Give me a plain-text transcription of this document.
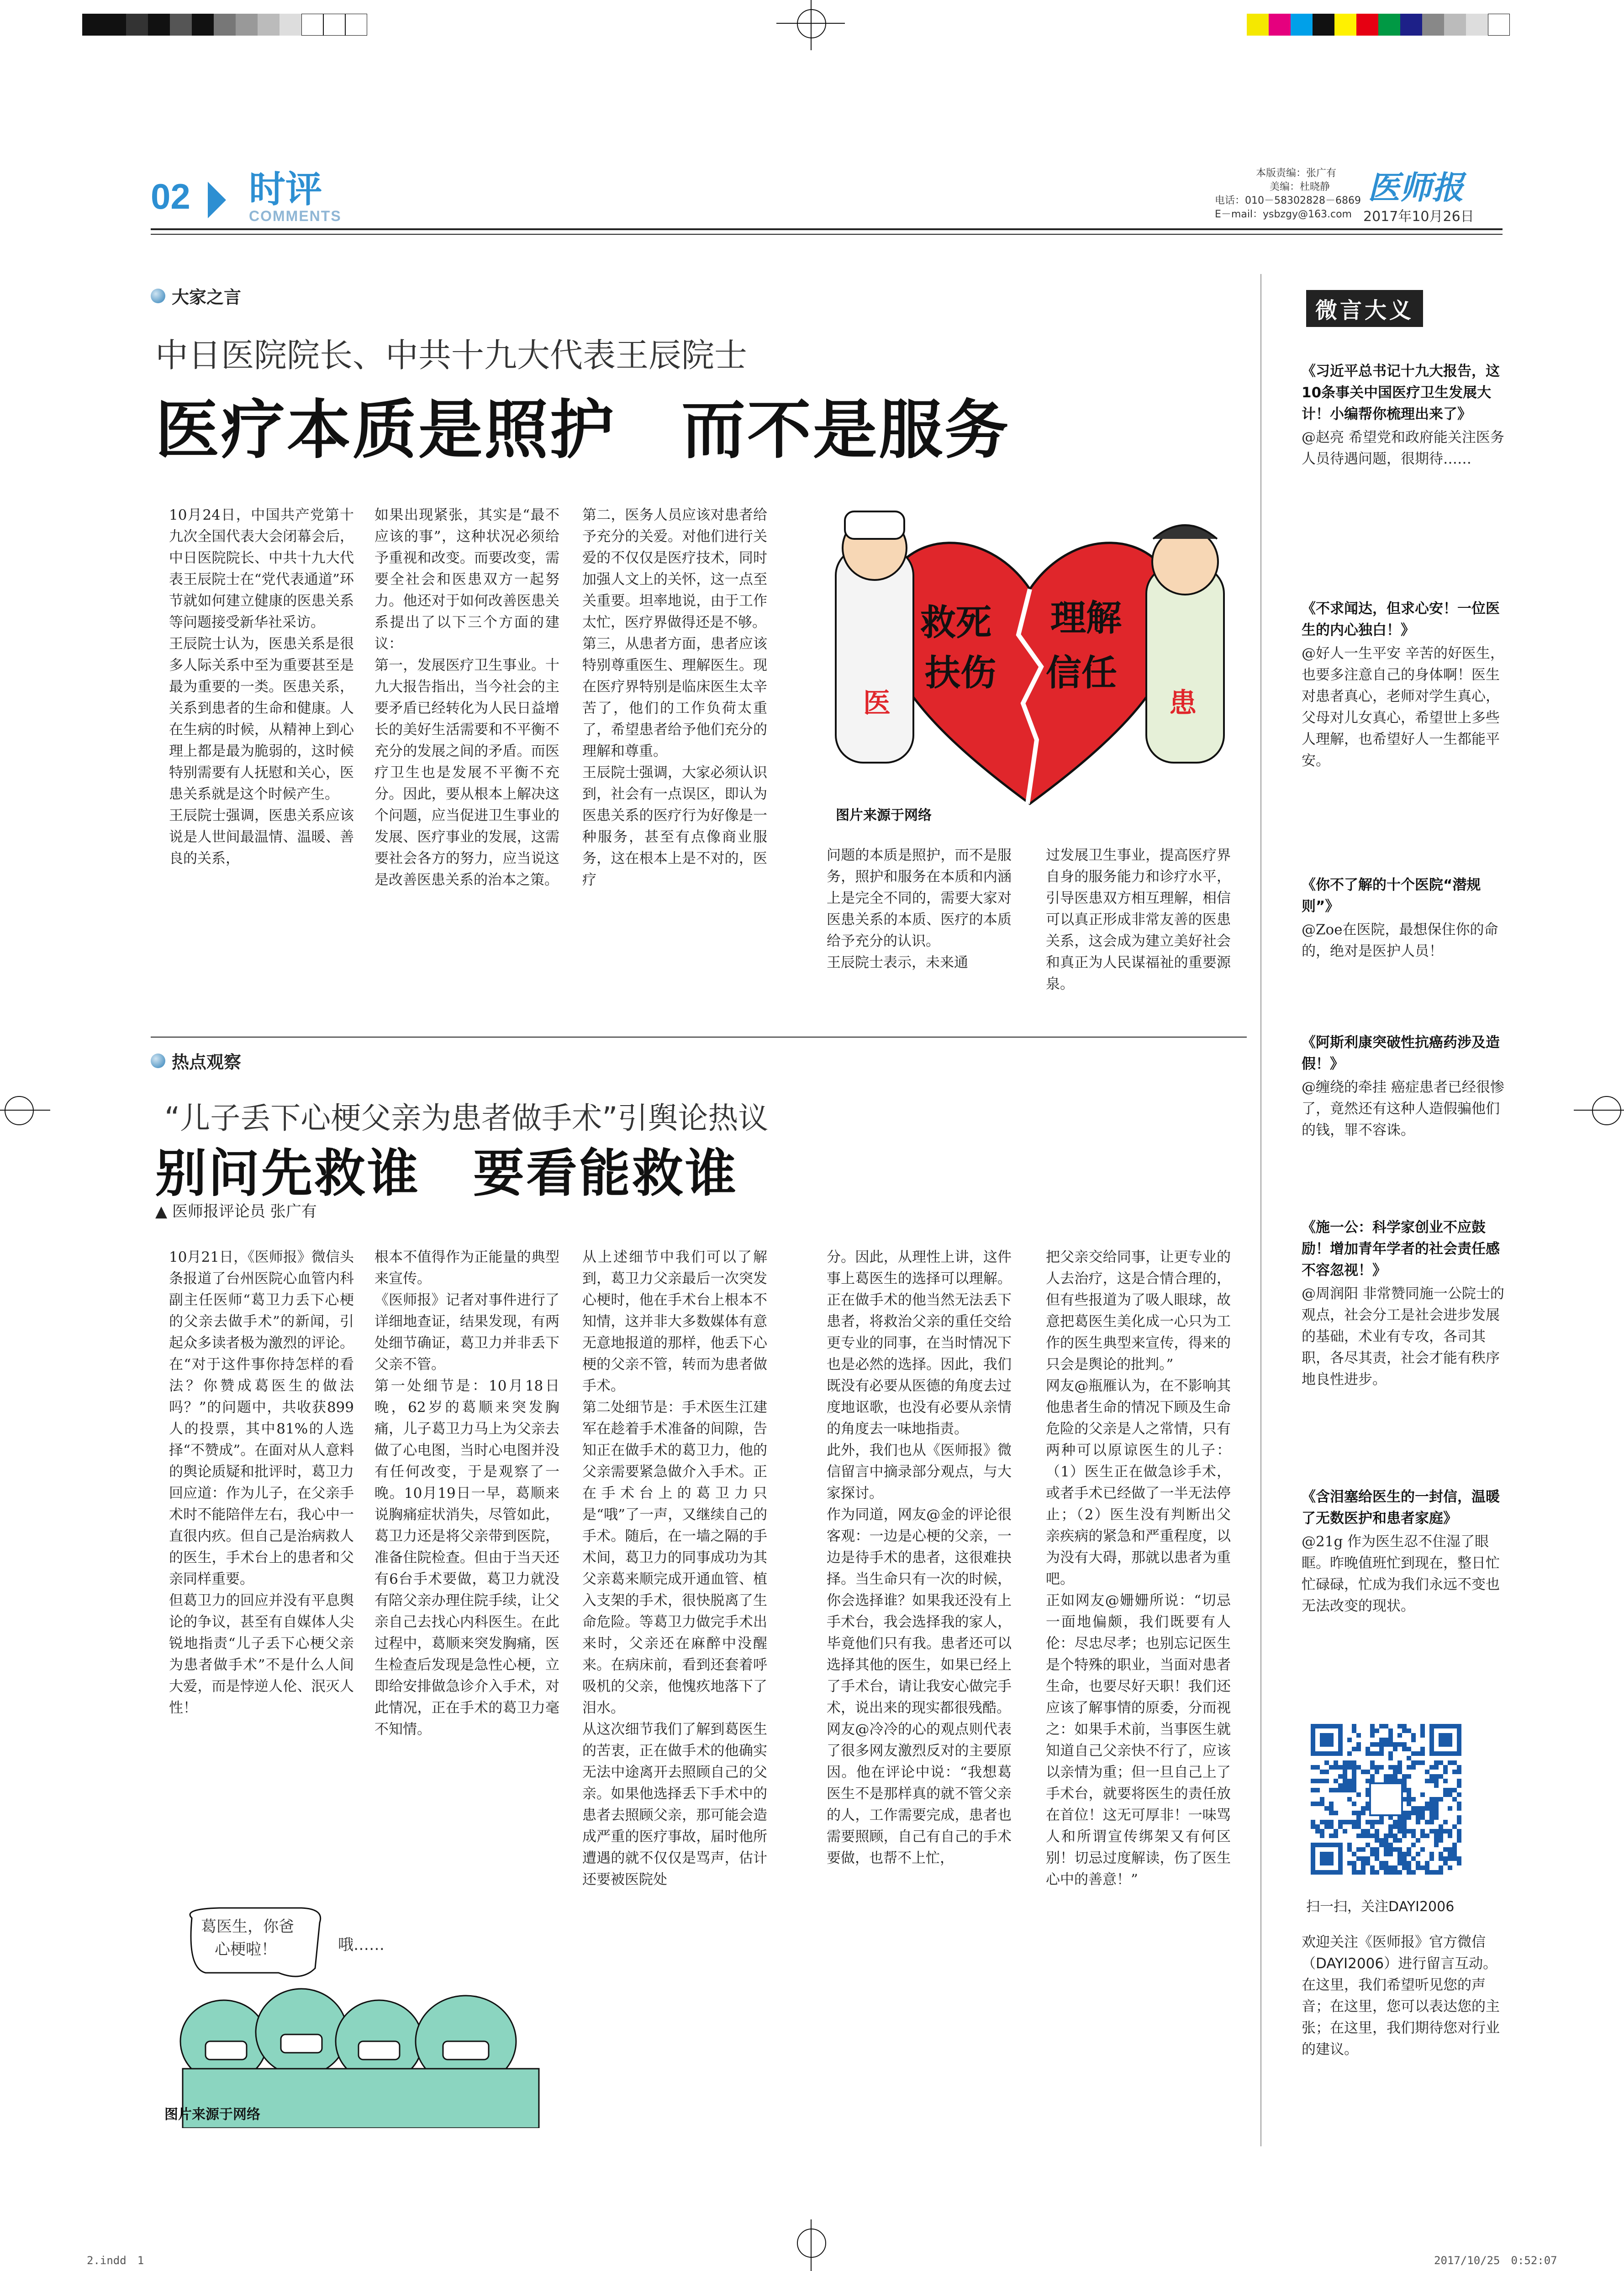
02 时评
COMMENTS
本版责编：张广有
美编：杜晓静
电话：010－58302828－6869
E－mail：ysbzgy@163.com
医师报
2017年10月26日
大家之言
中日医院院长、中共十九大代表王辰院士
医疗本质是照护　而不是服务
10月24日，中国共产党第十九次全国代表大会闭幕会后，中日医院院长、中共十九大代表王辰院士在“党代表通道”环节就如何建立健康的医患关系等问题接受新华社采访。
王辰院士认为，医患关系是很多人际关系中至为重要甚至是最为重要的一类。医患关系，关系到患者的生命和健康。人在生病的时候，从精神上到心理上都是最为脆弱的，这时候特别需要有人抚慰和关心，医患关系就是这个时候产生。
王辰院士强调，医患关系应该说是人世间最温情、温暖、善良的关系，
如果出现紧张，其实是“最不应该的事”，这种状况必须给予重视和改变。而要改变，需要全社会和医患双方一起努力。他还对于如何改善医患关系提出了以下三个方面的建议：
第一，发展医疗卫生事业。十九大报告指出，当今社会的主要矛盾已经转化为人民日益增长的美好生活需要和不平衡不充分的发展之间的矛盾。而医疗卫生也是发展不平衡不充分。因此，要从根本上解决这个问题，应当促进卫生事业的发展、医疗事业的发展，这需要社会各方的努力，应当说这是改善医患关系的治本之策。
第二，医务人员应该对患者给予充分的关爱。对他们进行关爱的不仅仅是医疗技术，同时加强人文上的关怀，这一点至关重要。坦率地说，由于工作太忙，医疗界做得还是不够。
第三，从患者方面，患者应该特别尊重医生、理解医生。现在医疗界特别是临床医生太辛苦了，他们的工作负荷太重了，希望患者给予他们充分的理解和尊重。
王辰院士强调，大家必须认识到，社会有一点误区，即认为医患关系的医疗行为好像是一种服务，甚至有点像商业服务，这在根本上是不对的，医疗
问题的本质是照护，而不是服务，照护和服务在本质和内涵上是完全不同的，需要大家对医患关系的本质、医疗的本质给予充分的认识。
王辰院士表示，未来通
过发展卫生事业，提高医疗界自身的服务能力和诊疗水平，引导医患双方相互理解，相信可以真正形成非常友善的医患关系，这会成为建立美好社会和真正为人民谋福祉的重要源泉。
救死 理解
扶伤 信任
医	患
图片来源于网络
热点观察
“儿子丢下心梗父亲为患者做手术”引舆论热议
别问先救谁　要看能救谁
▲ 医师报评论员 张广有
10月21日，《医师报》微信头条报道了台州医院心血管内科副主任医师“葛卫力丢下心梗的父亲去做手术”的新闻，引起众多读者极为激烈的评论。在“对于这件事你持怎样的看法？你赞成葛医生的做法吗？”的问题中，共收获899人的投票，其中81%的人选择“不赞成”。在面对从人意料的舆论质疑和批评时，葛卫力回应道：作为儿子，在父亲手术时不能陪伴左右，我心中一直很内疚。但自己是治病救人的医生，手术台上的患者和父亲同样重要。
但葛卫力的回应并没有平息舆论的争议，甚至有自媒体人尖锐地指责“儿子丢下心梗父亲为患者做手术”不是什么人间大爱，而是悖逆人伦、泯灭人性！
根本不值得作为正能量的典型来宣传。
《医师报》记者对事件进行了详细地查证，结果发现，有两处细节确证，葛卫力并非丢下父亲不管。
第一处细节是：10月18日晚，62岁的葛顺来突发胸痛，儿子葛卫力马上为父亲去做了心电图，当时心电图并没有任何改变，于是观察了一晚。10月19日一早，葛顺来说胸痛症状消失，尽管如此，葛卫力还是将父亲带到医院，准备住院检查。但由于当天还有6台手术要做，葛卫力就没有陪父亲办理住院手续，让父亲自己去找心内科医生。在此过程中，葛顺来突发胸痛，医生检查后发现是急性心梗，立即给安排做急诊介入手术，对此情况，正在手术的葛卫力毫不知情。
从上述细节中我们可以了解到，葛卫力父亲最后一次突发心梗时，他在手术台上根本不知情，这并非大多数媒体有意无意地报道的那样，他丢下心梗的父亲不管，转而为患者做手术。
第二处细节是：手术医生江建军在趁着手术准备的间隙，告知正在做手术的葛卫力，他的父亲需要紧急做介入手术。正在手术台上的葛卫力只是“哦”了一声，又继续自己的手术。随后，在一墙之隔的手术间，葛卫力的同事成功为其父亲葛来顺完成开通血管、植入支架的手术，很快脱离了生命危险。等葛卫力做完手术出来时，父亲还在麻醉中没醒来。在病床前，看到还套着呼吸机的父亲，他愧疚地落下了泪水。
从这次细节我们了解到葛医生的苦衷，正在做手术的他确实无法中途离开去照顾自己的父亲。如果他选择丢下手术中的患者去照顾父亲，那可能会造成严重的医疗事故，届时他所遭遇的就不仅仅是骂声，估计还要被医院处
分。因此，从理性上讲，这件事上葛医生的选择可以理解。正在做手术的他当然无法丢下患者，将救治父亲的重任交给更专业的同事，在当时情况下也是必然的选择。因此，我们既没有必要从医德的角度去过度地讴歌，也没有必要从亲情的角度去一味地指责。
此外，我们也从《医师报》微信留言中摘录部分观点，与大家探讨。
作为同道，网友@金的评论很客观：一边是心梗的父亲，一边是待手术的患者，这很难抉择。当生命只有一次的时候，你会选择谁？如果我还没有上手术台，我会选择我的家人，毕竟他们只有我。患者还可以选择其他的医生，如果已经上了手术台，请让我安心做完手术，说出来的现实都很残酷。
网友@冷冷的心的观点则代表了很多网友激烈反对的主要原因。他在评论中说：“我想葛医生不是那样真的就不管父亲的人，工作需要完成，患者也需要照顾，自己有自己的手术要做，也帮不上忙，
把父亲交给同事，让更专业的人去治疗，这是合情合理的，但有些报道为了吸人眼球，故意把葛医生美化成一心只为工作的医生典型来宣传，得来的只会是舆论的批判。”
网友@瓶雁认为，在不影响其他患者生命的情况下顾及生命危险的父亲是人之常情，只有两种可以原谅医生的儿子：（1）医生正在做急诊手术，或者手术已经做了一半无法停止；（2）医生没有判断出父亲疾病的紧急和严重程度，以为没有大碍，那就以患者为重吧。
正如网友@姗姗所说：“切忌一面地偏颇，我们既要有人伦：尽忠尽孝；也别忘记医生是个特殊的职业，当面对患者生命，也要尽好天职！我们还应该了解事情的原委，分而视之：如果手术前，当事医生就知道自己父亲快不行了，应该以亲情为重；但一旦自己上了手术台，就要将医生的责任放在首位！这无可厚非！一味骂人和所谓宣传绑架又有何区别！切忌过度解读，伤了医生心中的善意！”
葛医生，你爸
心梗啦！	哦……
图片来源于网络
微言大义
《习近平总书记十九大报告，这10条事关中国医疗卫生发展大计！小编帮你梳理出来了》
@赵亮 希望党和政府能关注医务人员待遇问题，很期待……
《不求闻达，但求心安！一位医生的内心独白！》
@好人一生平安 辛苦的好医生，也要多注意自己的身体啊！医生对患者真心，老师对学生真心，父母对儿女真心，希望世上多些人理解，也希望好人一生都能平安。
《你不了解的十个医院“潜规则”》
@Zoe在医院，最想保住你的命的，绝对是医护人员！
《阿斯利康突破性抗癌药涉及造假！》
@缠绕的牵挂 癌症患者已经很惨了，竟然还有这种人造假骗他们的钱，罪不容诛。
《施一公：科学家创业不应鼓励！增加青年学者的社会责任感不容忽视！》
@周润阳 非常赞同施一公院士的观点，社会分工是社会进步发展的基础，术业有专攻，各司其职，各尽其责，社会才能有秩序地良性进步。
《含泪塞给医生的一封信，温暖了无数医护和患者家庭》
@21g 作为医生忍不住湿了眼眶。昨晚值班忙到现在，整日忙忙碌碌，忙成为我们永远不变也无法改变的现状。
扫一扫，关注DAYI2006
欢迎关注《医师报》官方微信（DAYI2006）进行留言互动。在这里，我们希望听见您的声音；在这里，您可以表达您的主张；在这里，我们期待您对行业的建议。
2.indd　1	2017/10/25　0:52:07
